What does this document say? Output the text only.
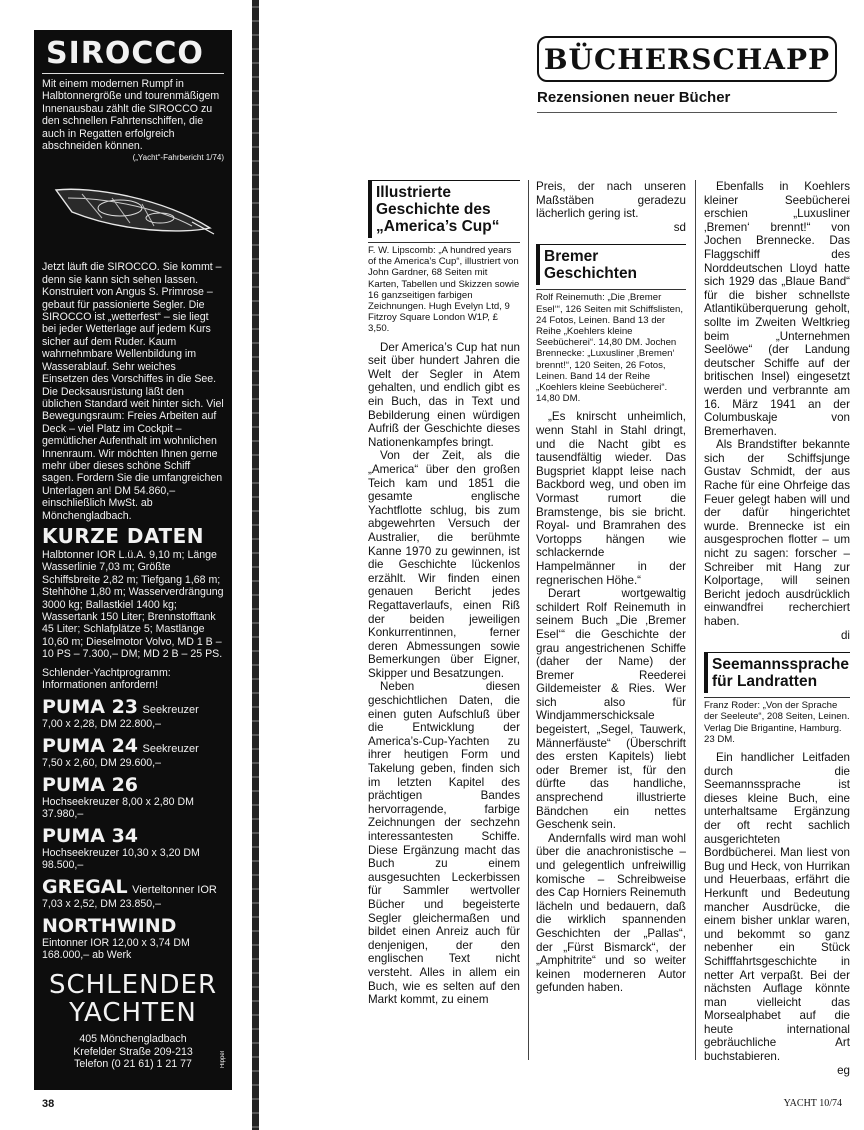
SIROCCO

Mit einem modernen Rumpf in Halbtonnergröße und tourenmäßigem Innenausbau zählt die SIROCCO zu den schnellen Fahrtenschiffen, die auch in Regatten erfolgreich abschneiden können.

(„Yacht“-Fahrbericht 1/74)

Jetzt läuft die SIROCCO. Sie kommt – denn sie kann sich sehen lassen. Konstruiert von Angus S. Primrose – gebaut für passionierte Segler. Die SIROCCO ist „wetterfest“ – sie liegt bei jeder Wetterlage auf jedem Kurs sicher auf dem Ruder. Kaum wahrnehmbare Wellenbildung im Wasserablauf. Sehr weiches Einsetzen des Vorschiffes in die See. Die Decksausrüstung läßt den üblichen Standard weit hinter sich. Viel Bewegungsraum: Freies Arbeiten auf Deck – viel Platz im Cockpit – gemütlicher Aufenthalt im wohnlichen Innenraum. Wir möchten Ihnen gerne mehr über dieses schöne Schiff sagen. Fordern Sie die umfangreichen Unterlagen an! DM 54.860,– einschließlich MwSt. ab Mönchengladbach.

KURZE DATEN

Halbtonner IOR L.ü.A. 9,10 m; Länge Wasserlinie 7,03 m; Größte Schiffsbreite 2,82 m; Tiefgang 1,68 m; Stehhöhe 1,80 m; Wasserverdrängung 3000 kg; Ballastkiel 1400 kg; Wassertank 150 Liter; Brennstofftank 45 Liter; Schlafplätze 5; Mastlänge 10,60 m; Dieselmotor Volvo, MD 1 B – 10 PS – 7.300,– DM; MD 2 B – 25 PS.

Schlender-Yachtprogramm: Informationen anfordern!

PUMA 23 Seekreuzer
7,00 x 2,28, DM 22.800,–
PUMA 24 Seekreuzer
7,50 x 2,60, DM 29.600,–
PUMA 26
Hochseekreuzer 8,00 x 2,80 DM 37.980,–
PUMA 34
Hochseekreuzer 10,30 x 3,20 DM 98.500,–
GREGAL Vierteltonner IOR
7,03 x 2,52, DM 23.850,–
NORTHWIND
Eintonner IOR 12,00 x 3,74 DM 168.000,– ab Werk
SCHLENDER
YACHTEN
405 Mönchengladbach
Krefelder Straße 209-213
Telefon (0 21 61) 1 21 77	Hippel
38	YACHT 10/74
BÜCHERSCHAPP
Rezensionen neuer Bücher
Illustrierte Geschichte des „America’s Cup“
F. W. Lipscomb: „A hundred years of the America’s Cup“, illustriert von John Gardner, 68 Seiten mit Karten, Tabellen und Skizzen sowie 16 ganzseitigen farbigen Zeichnungen. Hugh Evelyn Ltd, 9 Fitzroy Square London W1P, £ 3,50.

Der America’s Cup hat nun seit über hundert Jahren die Welt der Segler in Atem gehalten, und endlich gibt es ein Buch, das in Text und Bebilderung einen würdigen Aufriß der Geschichte dieses Nationenkampfes bringt.

Von der Zeit, als die „America“ über den großen Teich kam und 1851 die gesamte englische Yachtflotte schlug, bis zum abgewehrten Versuch der Australier, die berühmte Kanne 1970 zu gewinnen, ist die Geschichte lückenlos erzählt. Wir finden einen genauen Bericht jedes Regattaverlaufs, einen Riß der beiden jeweiligen Konkurrentinnen, ferner deren Abmessungen sowie Bemerkungen über Eigner, Skipper und Besatzungen.

Neben diesen geschichtlichen Daten, die einen guten Aufschluß über die Entwicklung der America’s-Cup-Yachten zu ihrer heutigen Form und Takelung geben, finden sich im letzten Kapitel des prächtigen Bandes hervorragende, farbige Zeichnungen der sechzehn interessantesten Schiffe. Diese Ergänzung macht das Buch zu einem ausgesuchten Leckerbissen für Sammler wertvoller Bücher und begeisterte Segler gleichermaßen und bildet einen Anreiz auch für denjenigen, der den englischen Text nicht versteht. Alles in allem ein Buch, wie es selten auf den Markt kommt, zu einem

Preis, der nach unseren Maßstäben geradezu lächerlich gering ist.

sd
Bremer Geschichten
Rolf Reinemuth: „Die ‚Bremer Esel‘“, 126 Seiten mit Schiffslisten, 24 Fotos, Leinen. Band 13 der Reihe „Koehlers kleine Seebücherei“. 14,80 DM. Jochen Brennecke: „Luxusliner ‚Bremen‘ brennt!“, 120 Seiten, 26 Fotos, Leinen. Band 14 der Reihe „Koehlers kleine Seebücherei“. 14,80 DM.

„Es knirscht unheimlich, wenn Stahl in Stahl dringt, und die Nacht gibt es tausendfältig wieder. Das Bugspriet klappt leise nach Backbord weg, und oben im Vormast rumort die Bramstenge, bis sie bricht. Royal- und Bramrahen des Vortopps hängen wie schlackernde Hampelmänner in der regnerischen Höhe.“

Derart wortgewaltig schildert Rolf Reinemuth in seinem Buch „Die ‚Bremer Esel‘“ die Geschichte der grau angestrichenen Schiffe (daher der Name) der Bremer Reederei Gildemeister & Ries. Wer sich also für Windjammerschicksale begeistert, „Segel, Tauwerk, Männerfäuste“ (Überschrift des ersten Kapitels) liebt oder Bremer ist, für den dürfte das handliche, ansprechend illustrierte Bändchen ein nettes Geschenk sein.

Andernfalls wird man wohl über die anachronistische – und gelegentlich unfreiwillig komische – Schreibweise des Cap Horniers Reinemuth lächeln und bedauern, daß die wirklich spannenden Geschichten der „Pallas“, der „Fürst Bismarck“, der „Amphitrite“ und so weiter keinen moderneren Autor gefunden haben.

Ebenfalls in Koehlers kleiner Seebücherei erschien „Luxusliner ‚Bremen‘ brennt!“ von Jochen Brennecke. Das Flaggschiff des Norddeutschen Lloyd hatte sich 1929 das „Blaue Band“ für die bisher schnellste Atlantiküberquerung geholt, sollte im Zweiten Weltkrieg beim „Unternehmen Seelöwe“ (der Landung deutscher Schiffe auf der britischen Insel) eingesetzt werden und verbrannte am 16. März 1941 an der Columbuskaje von Bremerhaven.

Als Brandstifter bekannte sich der Schiffsjunge Gustav Schmidt, der aus Rache für eine Ohrfeige das Feuer gelegt haben will und der dafür hingerichtet wurde. Brennecke ist ein ausgesprochen flotter – um nicht zu sagen: forscher – Schreiber mit Hang zur Kolportage, will seinen Bericht jedoch ausdrücklich einwandfrei recherchiert haben.

di
Seemannssprache für Landratten
Franz Roder: „Von der Sprache der Seeleute“, 208 Seiten, Leinen. Verlag Die Brigantine, Hamburg. 23 DM.

Ein handlicher Leitfaden durch die Seemannssprache ist dieses kleine Buch, eine unterhaltsame Ergänzung der oft recht sachlich ausgerichteten Bordbücherei. Man liest von Bug und Heck, von Hurrikan und Heuerbaas, erfährt die Herkunft und Bedeutung mancher Ausdrücke, die einem bisher unklar waren, und bekommt so ganz nebenher ein Stück Schifffahrtsgeschichte in netter Art verpaßt. Bei der nächsten Auflage könnte man vielleicht das Morsealphabet auf die heute international gebräuchliche Art buchstabieren.

eg
